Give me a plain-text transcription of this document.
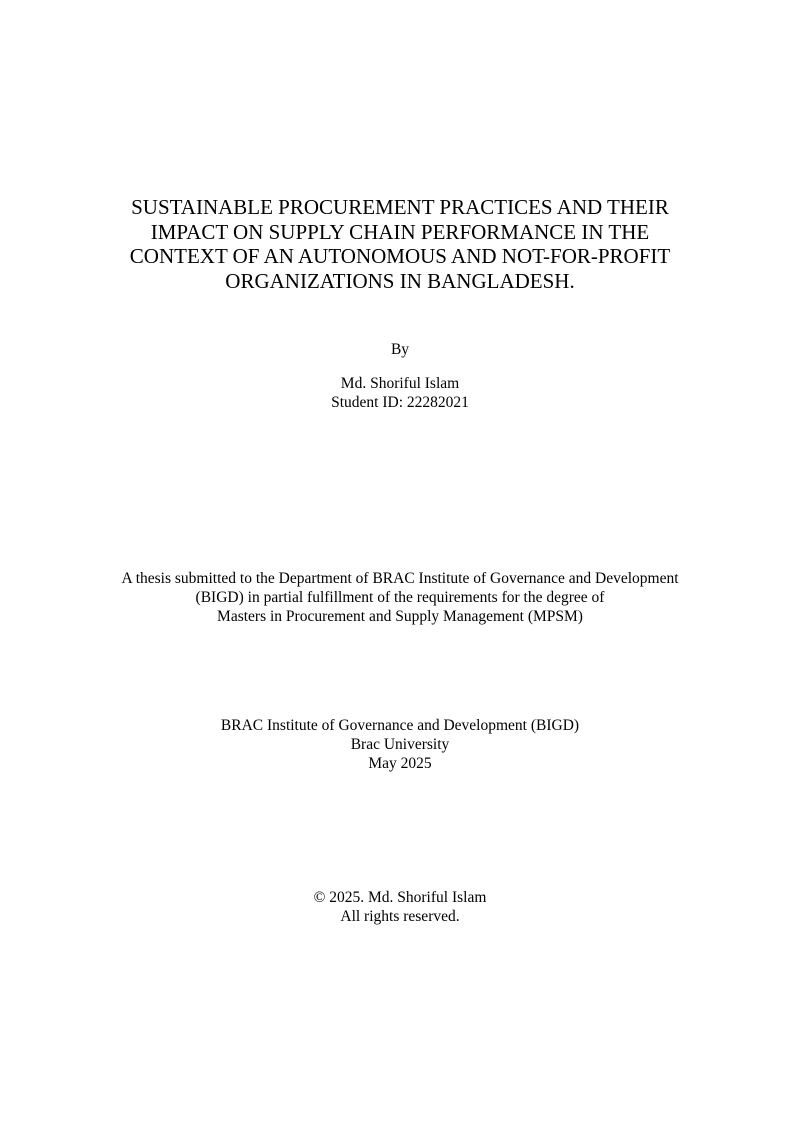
SUSTAINABLE PROCUREMENT PRACTICES AND THEIR
IMPACT ON SUPPLY CHAIN PERFORMANCE IN THE
CONTEXT OF AN AUTONOMOUS AND NOT-FOR-PROFIT
ORGANIZATIONS IN BANGLADESH.
By
Md. Shoriful Islam
Student ID: 22282021
A thesis submitted to the Department of BRAC Institute of Governance and Development
(BIGD) in partial fulfillment of the requirements for the degree of
Masters in Procurement and Supply Management (MPSM)
BRAC Institute of Governance and Development (BIGD)
Brac University
May 2025
© 2025. Md. Shoriful Islam
All rights reserved.
